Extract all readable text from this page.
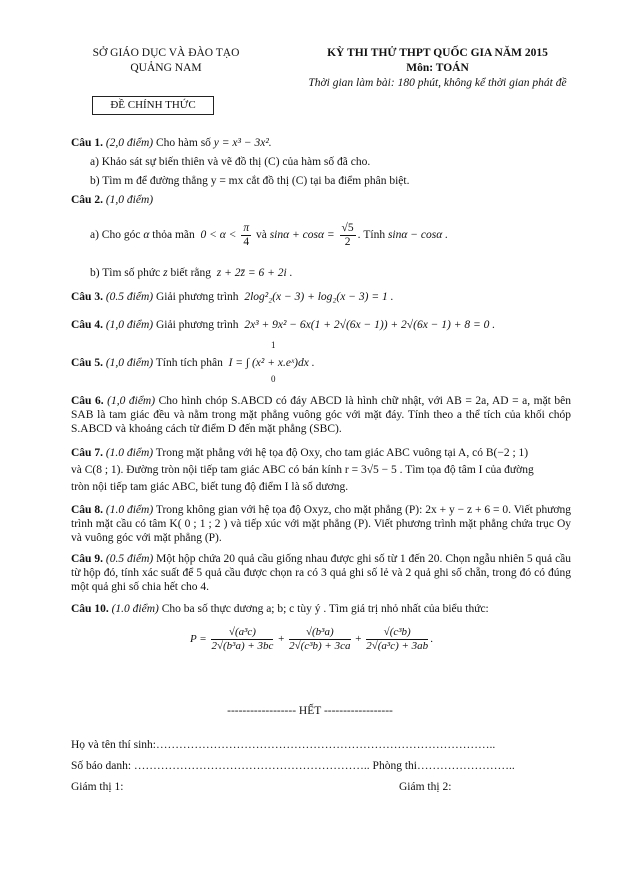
SỞ GIÁO DỤC VÀ ĐÀO TẠO
QUẢNG NAM
KỲ THI THỬ THPT QUỐC GIA NĂM 2015
Môn: TOÁN
Thời gian làm bài: 180 phút, không kể thời gian phát đề
ĐỀ CHÍNH THỨC
Câu 1. (2,0 điểm) Cho hàm số y = x³ − 3x².
a) Khảo sát sự biến thiên và vẽ đồ thị (C) của hàm số đã cho.
b) Tìm m để đường thẳng y = mx cắt đồ thị (C) tại ba điểm phân biệt.
Câu 2. (1,0 điểm)
a) Cho góc α thỏa mãn $0 < \alpha < \frac{\pi}{4}$ và $\sin\alpha + \cos\alpha = \frac{√5}{2}$ . Tính sinα − cosα .
b) Tìm số phức z biết rằng z + 2z̄ = 6 + 2i .
Câu 3. (0.5 điểm) Giải phương trình 2log²₂(x − 3) + log₂(x − 3) = 1 .
Câu 4. (1,0 điểm) Giải phương trình 2x³ + 9x² − 6x(1 + 2√(6x − 1)) + 2√(6x − 1) + 8 = 0 .
Câu 5. (1,0 điểm) Tính tích phân I = ∫ (x² + x.eˣ)dx .
1
0
Câu 6. (1,0 điểm) Cho hình chóp S.ABCD có đáy ABCD là hình chữ nhật, với AB = 2a, AD = a, mặt bên SAB là tam giác đều và nằm trong mặt phẳng vuông góc với mặt đáy. Tính theo a thể tích của khối chóp S.ABCD và khoảng cách từ điểm D đến mặt phẳng (SBC).
Câu 7. (1.0 điểm) Trong mặt phẳng với hệ tọa độ Oxy, cho tam giác ABC vuông tại A, có B(−2 ; 1)
và C(8 ; 1). Đường tròn nội tiếp tam giác ABC có bán kính r = 3√5 − 5 . Tìm tọa độ tâm I của đường
tròn nội tiếp tam giác ABC, biết tung độ điểm I là số dương.
Câu 8. (1.0 điểm) Trong không gian với hệ tọa độ Oxyz, cho mặt phẳng (P): 2x + y − z + 6 = 0. Viết phương trình mặt cầu có tâm K( 0 ; 1 ; 2 ) và tiếp xúc với mặt phẳng (P). Viết phương trình mặt phẳng chứa trục Oy và vuông góc với mặt phẳng (P).
Câu 9. (0.5 điểm) Một hộp chứa 20 quả cầu giống nhau được ghi số từ 1 đến 20. Chọn ngẫu nhiên 5 quả cầu từ hộp đó, tính xác suất để 5 quả cầu được chọn ra có 3 quả ghi số lẻ và 2 quả ghi số chẵn, trong đó có đúng một quả ghi số chia hết cho 4.
Câu 10. (1.0 điểm) Cho ba số thực dương a; b; c tùy ý . Tìm giá trị nhỏ nhất của biểu thức:
$P = \frac{\text{√(a³c)}}{\text{2√(b³a) + 3bc}} + \frac{\text{√(b³a)}}{\text{2√(c³b) + 3ca}} + \frac{\text{√(c³b)}}{\text{2√(a³c) + 3ab}}$ .
------------------ HẾT ------------------
Họ và tên thí sinh:……………………………………………………………………………..
Số báo danh: …………………………………………………….. Phòng thi……………………..
Giám thị 1:	Giám thị 2:
